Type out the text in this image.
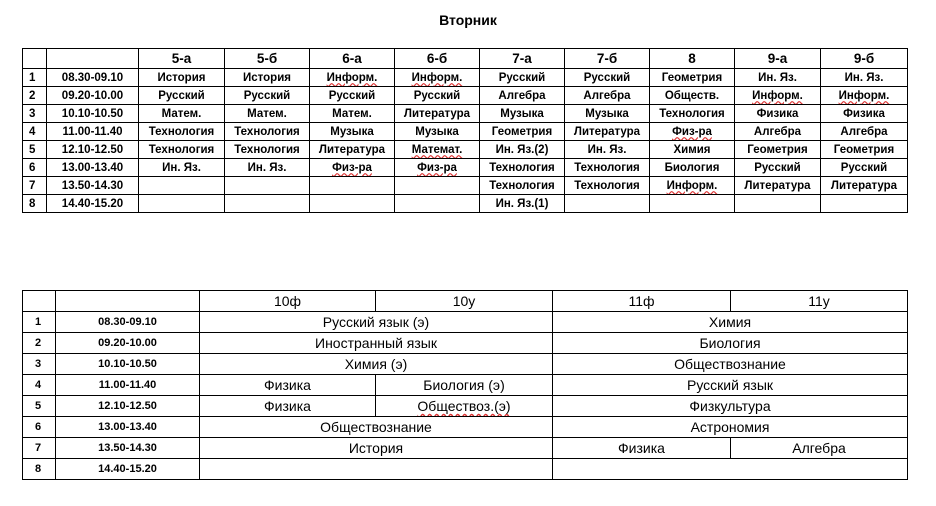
Вторник
		5-а	5-б	6-а	6-б	7-а	7-б	8	9-а	9-б
1	08.30-09.10	История	История	Информ.	Информ.	Русский	Русский	Геометрия	Ин. Яз.	Ин. Яз.
2	09.20-10.00	Русский	Русский	Русский	Русский	Алгебра	Алгебра	Обществ.	Информ.	Информ.
3	10.10-10.50	Матем.	Матем.	Матем.	Литература	Музыка	Музыка	Технология	Физика	Физика
4	11.00-11.40	Технология	Технология	Музыка	Музыка	Геометрия	Литература	Физ-ра	Алгебра	Алгебра
5	12.10-12.50	Технология	Технология	Литература	Математ.	Ин. Яз.(2)	Ин. Яз.	Химия	Геометрия	Геометрия
6	13.00-13.40	Ин. Яз.	Ин. Яз.	Физ-ра	Физ-ра	Технология	Технология	Биология	Русский	Русский
7	13.50-14.30					Технология	Технология	Информ.	Литература	Литература
8	14.40-15.20					Ин. Яз.(1)				
		10ф	10у	11ф	11у
1	08.30-09.10	Русский язык (э)		Химия	
2	09.20-10.00	Иностранный язык		Биология	
3	10.10-10.50	Химия (э)		Обществознание	
4	11.00-11.40	Физика	Биология (э)	Русский язык	
5	12.10-12.50	Физика	Обществоз.(э)	Физкультура	
6	13.00-13.40	Обществознание		Астрономия	
7	13.50-14.30	История		Физика	Алгебра
8	14.40-15.20				
